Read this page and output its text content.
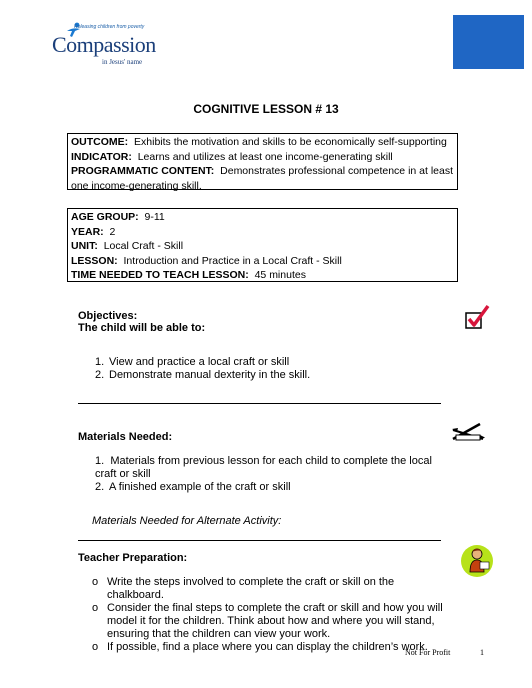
Releasing children from poverty
Compassion
in Jesus' name
COGNITIVE LESSON # 13
OUTCOME: Exhibits the motivation and skills to be economically self-supporting
INDICATOR: Learns and utilizes at least one income-generating skill
PROGRAMMATIC CONTENT: Demonstrates professional competence in at least one income-generating skill.
AGE GROUP: 9-11
YEAR: 2
UNIT: Local Craft - Skill
LESSON: Introduction and Practice in a Local Craft - Skill
TIME NEEDED TO TEACH LESSON: 45 minutes
Objectives:
The child will be able to:
1. View and practice a local craft or skill
2. Demonstrate manual dexterity in the skill.
Materials Needed:
1. Materials from previous lesson for each child to complete the local craft or skill
2. A finished example of the craft or skill
Materials Needed for Alternate Activity:
Teacher Preparation:
o Write the steps involved to complete the craft or skill on the chalkboard.
o Consider the final steps to complete the craft or skill and how you will model it for the children. Think about how and where you will stand, ensuring that the children can view your work.
o If possible, find a place where you can display the children’s work.
Not For Profit	1
